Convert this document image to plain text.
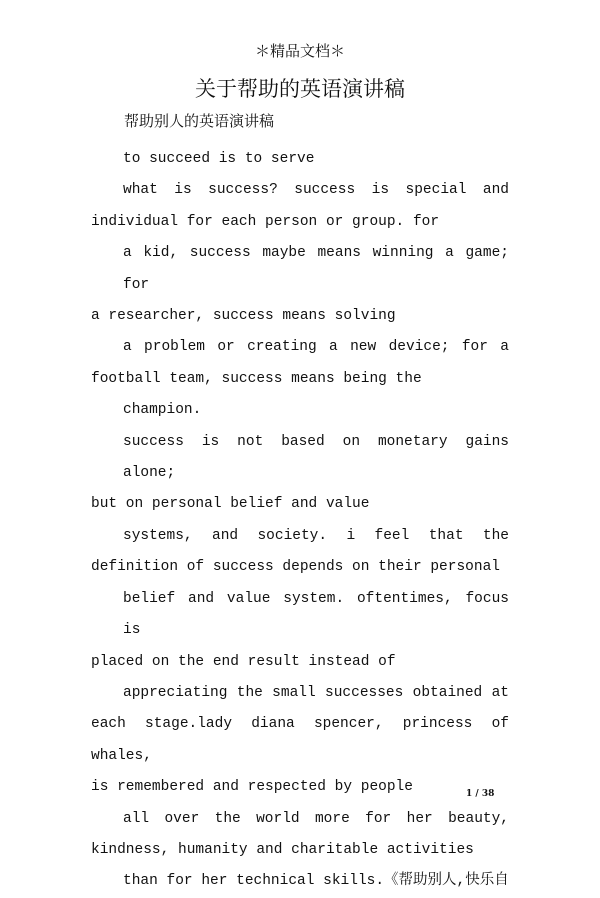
＊精品文档＊
关于帮助的英语演讲稿
帮助别人的英语演讲稿
to succeed is to serve
what is success? success is special and
individual for each person or group. for
a kid, success maybe means winning a game; for
a researcher, success means solving
a problem or creating a new device; for a
football team, success means being the
champion.
success is not based on monetary gains alone;
but on personal belief and value
systems, and society. i feel that the
definition of success depends on their personal
belief and value system. oftentimes, focus is
placed on the end result instead of
appreciating the small successes obtained at
each stage.lady diana spencer, princess of whales,
is remembered and respected by people
all over the world more for her beauty,
kindness, humanity and charitable activities
than for her technical skills.《帮助别人,快乐自
1 / 38
